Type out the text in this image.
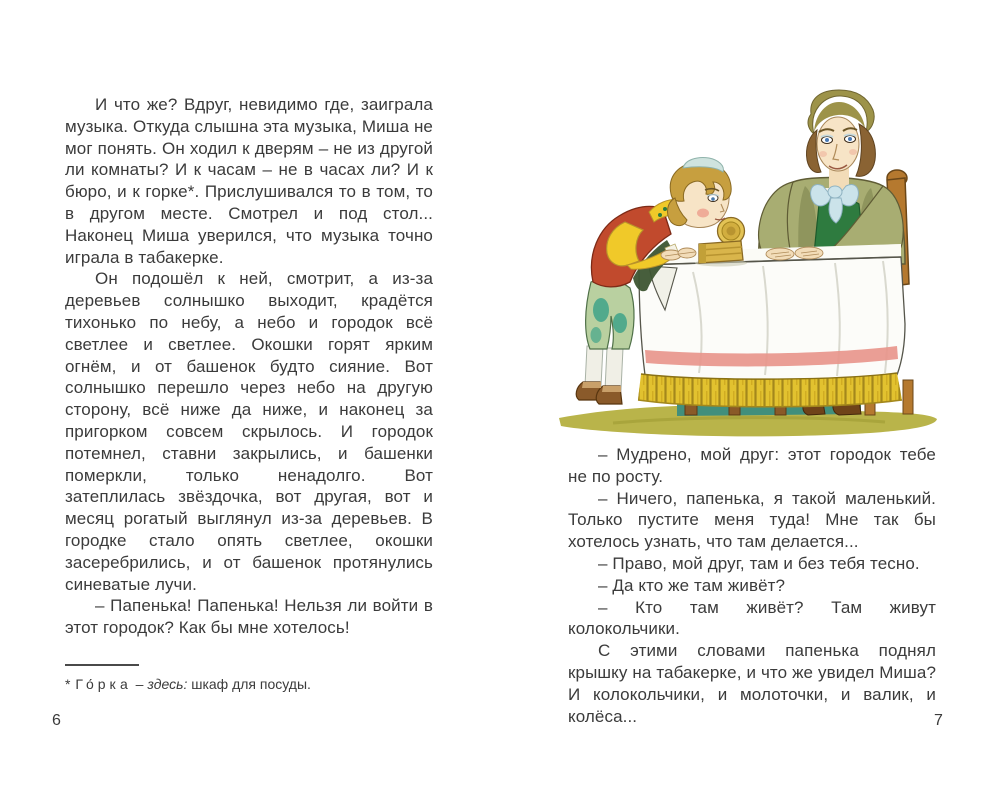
И что же? Вдруг, невидимо где, заиграла музыка. Откуда слышна эта музыка, Миша не мог понять. Он ходил к дверям – не из другой ли комнаты? И к часам – не в часах ли? И к бюро, и к горке*. Прислушивался то в том, то в другом месте. Смотрел и под стол... Наконец Миша уверился, что музыка точно играла в табакерке.

Он подошёл к ней, смотрит, а из-за деревьев солнышко выходит, крадётся тихонько по небу, а небо и городок всё светлее и светлее. Окошки горят ярким огнём, и от башенок будто сияние. Вот солнышко перешло через небо на другую сторону, всё ниже да ниже, и наконец за пригорком совсем скрылось. И городок потемнел, ставни закрылись, и башенки померкли, только ненадолго. Вот затеплилась звёздочка, вот другая, вот и месяц рогатый выглянул из-за деревьев. В городке стало опять светлее, окошки засеребрились, и от башенок протянулись синеватые лучи.

– Папенька! Папенька! Нельзя ли войти в этот городок? Как бы мне хотелось!

* Го́рка – здесь: шкаф для посуды.

6

– Мудрено, мой друг: этот городок тебе не по росту.

– Ничего, папенька, я такой маленький. Только пустите меня туда! Мне так бы хотелось узнать, что там делается...

– Право, мой друг, там и без тебя тесно.

– Да кто же там живёт?

– Кто там живёт? Там живут колокольчики.

С этими словами папенька поднял крышку на табакерке, и что же увидел Миша? И колокольчики, и молоточки, и валик, и колёса...	7
